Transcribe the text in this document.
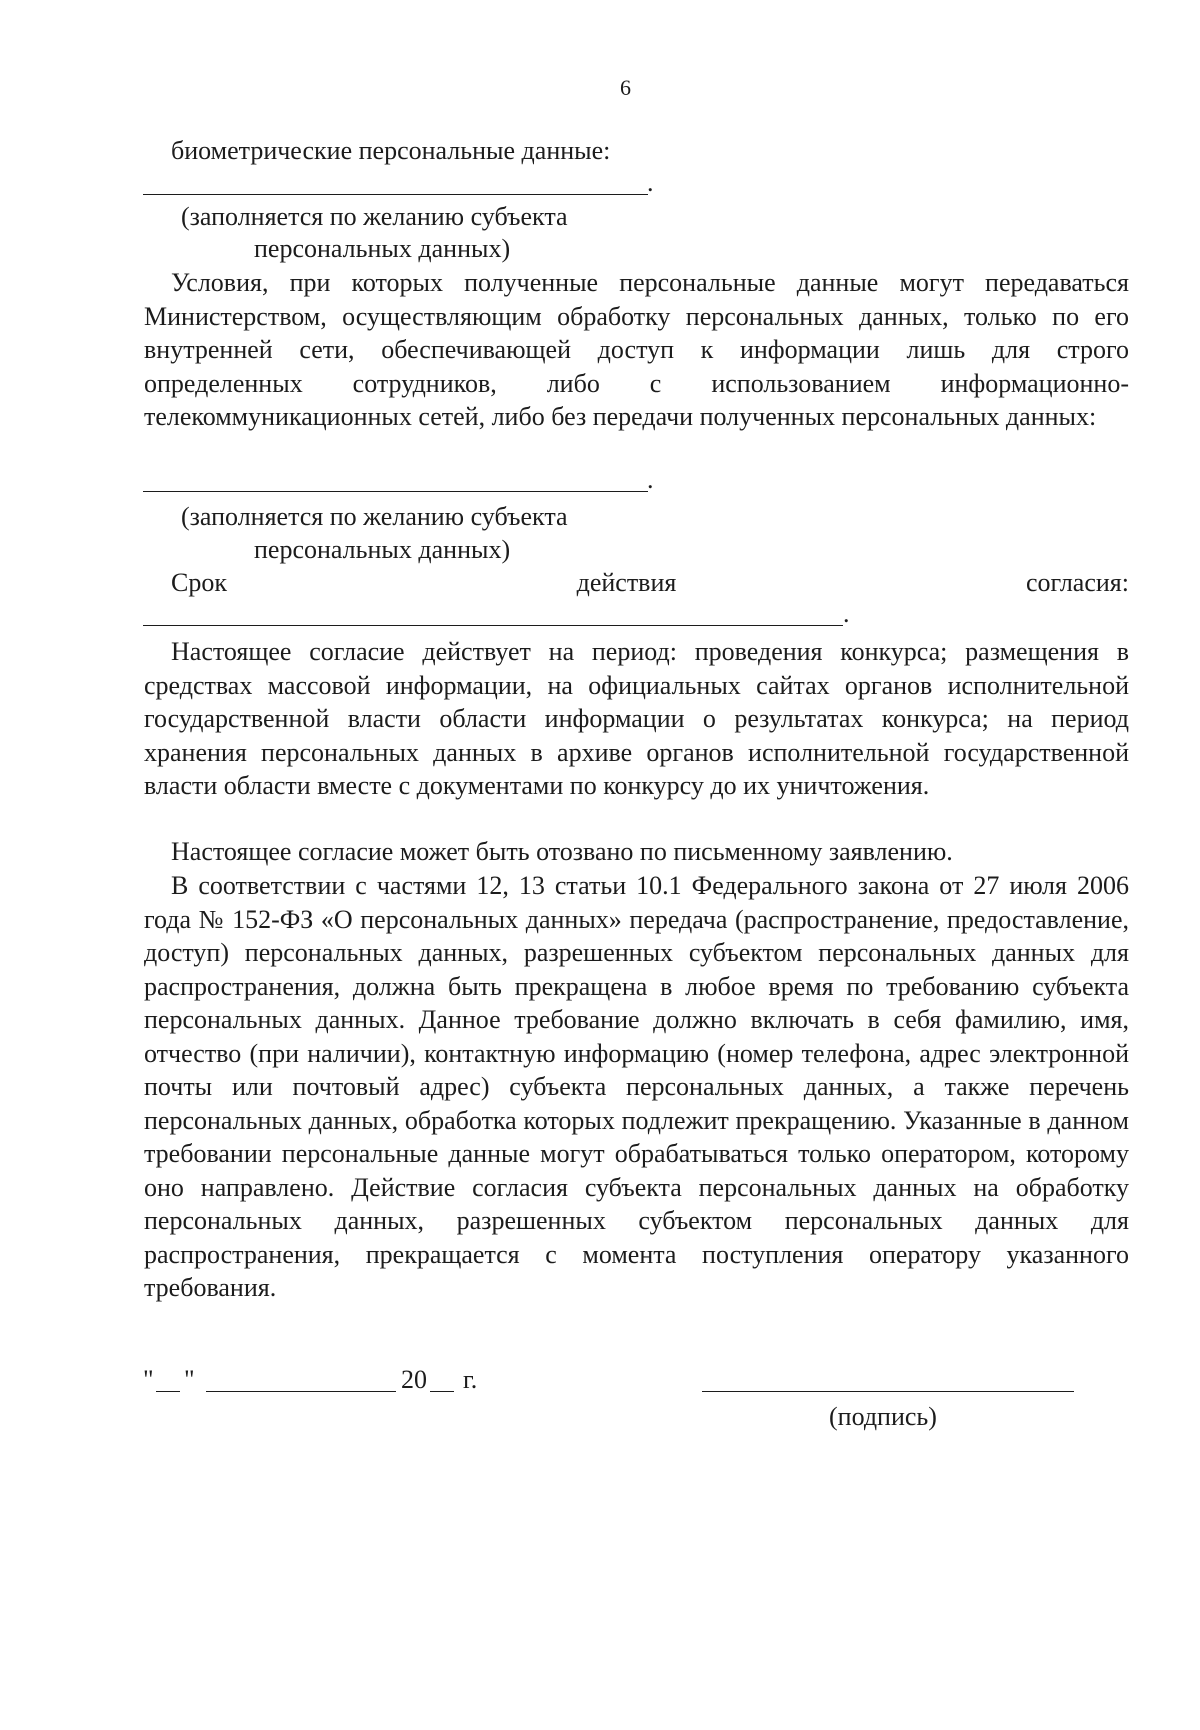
6
биометрические персональные данные:
.
(заполняется по желанию субъекта
персональных данных)
Условия, при которых полученные персональные данные могут передаваться Министерством, осуществляющим обработку персональных данных, только по его внутренней сети, обеспечивающей доступ к информации лишь для строго определенных сотрудников, либо с использованием информационно-телекоммуникационных сетей, либо без передачи полученных персональных данных:
.
(заполняется по желанию субъекта
персональных данных)
Срок	действия	согласия:
.
Настоящее согласие действует на период: проведения конкурса; размещения в средствах массовой информации, на официальных сайтах органов исполнительной государственной власти области информации о результатах конкурса; на период хранения персональных данных в архиве органов исполнительной государственной власти области вместе с документами по конкурсу до их уничтожения.
Настоящее согласие может быть отозвано по письменному заявлению.
В соответствии с частями 12, 13 статьи 10.1 Федерального закона от 27 июля 2006 года № 152-ФЗ «О персональных данных» передача (распространение, предоставление, доступ) персональных данных, разрешенных субъектом персональных данных для распространения, должна быть прекращена в любое время по требованию субъекта персональных данных. Данное требование должно включать в себя фамилию, имя, отчество (при наличии), контактную информацию (номер телефона, адрес электронной почты или почтовый адрес) субъекта персональных данных, а также перечень персональных данных, обработка которых подлежит прекращению. Указанные в данном требовании персональные данные могут обрабатываться только оператором, которому оно направлено. Действие согласия субъекта персональных данных на обработку персональных данных, разрешенных субъектом персональных данных для распространения, прекращается с момента поступления оператору указанного требования.
" "	20 г.
(подпись)
